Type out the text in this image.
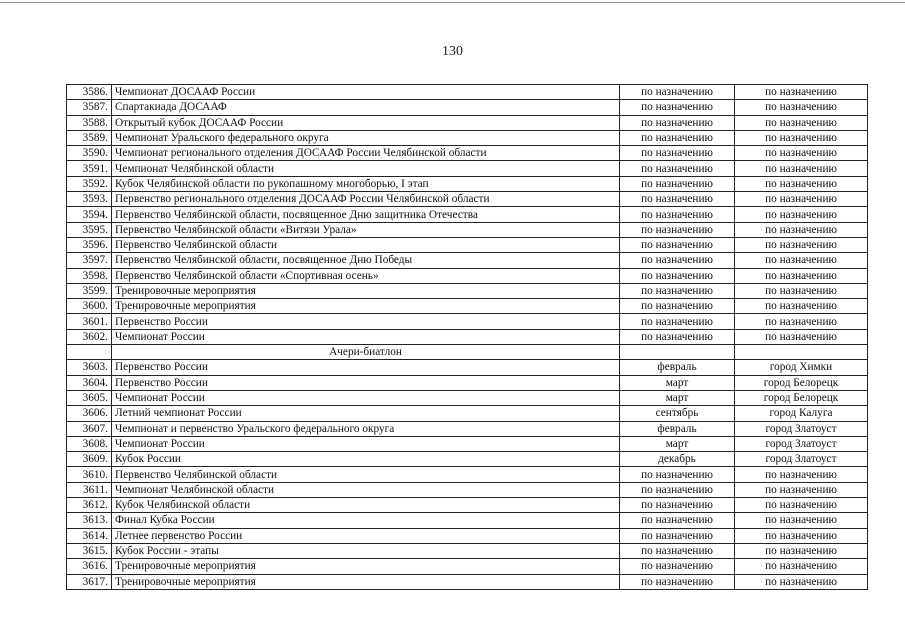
130
3586.	Чемпионат ДОСААФ России	по назначению	по назначению
3587.	Спартакиада ДОСААФ	по назначению	по назначению
3588.	Открытый кубок ДОСААФ России	по назначению	по назначению
3589.	Чемпионат Уральского федерального округа	по назначению	по назначению
3590.	Чемпионат регионального отделения ДОСААФ России Челябинской области	по назначению	по назначению
3591.	Чемпионат Челябинской области	по назначению	по назначению
3592.	Кубок Челябинской области по рукопашному многоборью, I этап	по назначению	по назначению
3593.	Первенство регионального отделения ДОСААФ России Челябинской области	по назначению	по назначению
3594.	Первенство Челябинской области, посвященное Дню защитника Отечества	по назначению	по назначению
3595.	Первенство Челябинской области «Витязи Урала»	по назначению	по назначению
3596.	Первенство Челябинской области	по назначению	по назначению
3597.	Первенство Челябинской области, посвященное Дню Победы	по назначению	по назначению
3598.	Первенство Челябинской области «Спортивная осень»	по назначению	по назначению
3599.	Тренировочные мероприятия	по назначению	по назначению
3600.	Тренировочные мероприятия	по назначению	по назначению
3601.	Первенство России	по назначению	по назначению
3602.	Чемпионат России	по назначению	по назначению
	Ачери-биатлон		
3603.	Первенство России	февраль	город Химки
3604.	Первенство России	март	город Белорецк
3605.	Чемпионат России	март	город Белорецк
3606.	Летний чемпионат России	сентябрь	город Калуга
3607.	Чемпионат и первенство Уральского федерального округа	февраль	город Златоуст
3608.	Чемпионат России	март	город Златоуст
3609.	Кубок России	декабрь	город Златоуст
3610.	Первенство Челябинской области	по назначению	по назначению
3611.	Чемпионат Челябинской области	по назначению	по назначению
3612.	Кубок Челябинской области	по назначению	по назначению
3613.	Финал Кубка России	по назначению	по назначению
3614.	Летнее первенство России	по назначению	по назначению
3615.	Кубок России - этапы	по назначению	по назначению
3616.	Тренировочные мероприятия	по назначению	по назначению
3617.	Тренировочные мероприятия	по назначению	по назначению
